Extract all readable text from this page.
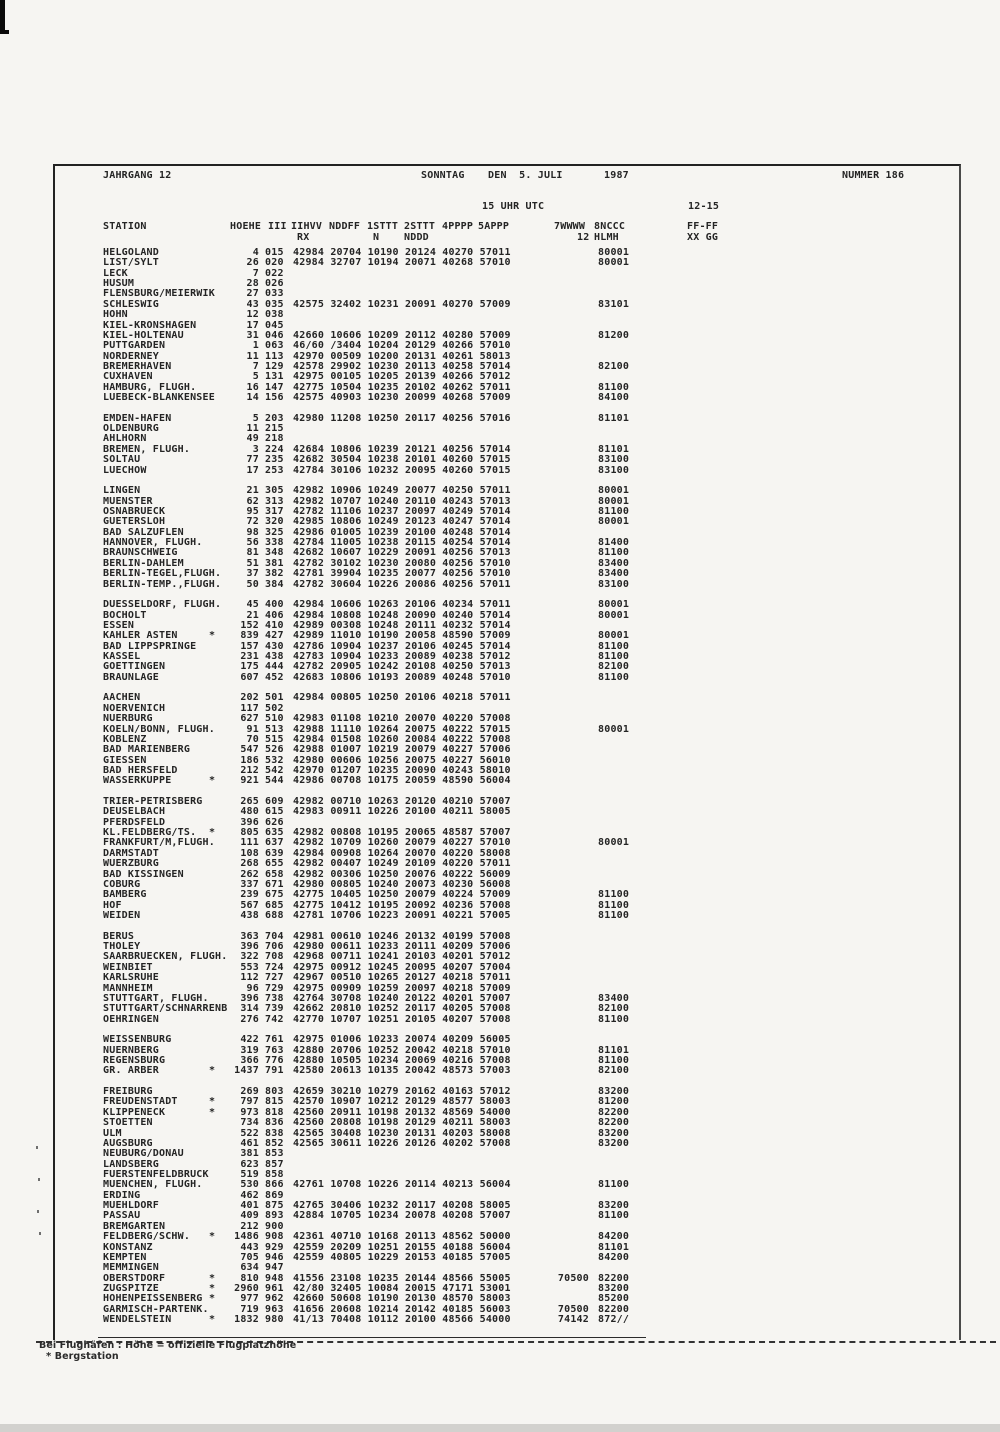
JAHRGANG 12	SONNTAG DEN  5. JULI	1987	NUMMER 186
15 UHR UTC	12-15
STATION	HOEHE III IIHVV NDDFF 1STTT 2STTT 4PPPP 5APPP	7WWWW 8NCCC	FF-FF
RX	N NDDD	12 HLMH	XX GG
HELGOLAND	4 015 42984 20704 10190 20124 40270 57011	80001
LIST/SYLT	26 020 42984 32707 10194 20071 40268 57010	80001
LECK	7 022
HUSUM	28 026
FLENSBURG/MEIERWIK	27 033
SCHLESWIG	43 035 42575 32402 10231 20091 40270 57009	83101
HOHN	12 038
KIEL-KRONSHAGEN	17 045
KIEL-HOLTENAU	31 046 42660 10606 10209 20112 40280 57009	81200
PUTTGARDEN	1 063 46/60 /3404 10204 20129 40266 57010
NORDERNEY	11 113 42970 00509 10200 20131 40261 58013
BREMERHAVEN	7 129 42578 29902 10230 20113 40258 57014	82100
CUXHAVEN	5 131 42975 00105 10205 20139 40266 57012
HAMBURG, FLUGH.	16 147 42775 10504 10235 20102 40262 57011	81100
LUEBECK-BLANKENSEE	14 156 42575 40903 10230 20099 40268 57009	84100
EMDEN-HAFEN	5 203 42980 11208 10250 20117 40256 57016	81101
OLDENBURG	11 215
AHLHORN	49 218
BREMEN, FLUGH.	3 224 42684 10806 10239 20121 40256 57014	81101
SOLTAU	77 235 42682 30504 10238 20101 40260 57015	83100
LUECHOW	17 253 42784 30106 10232 20095 40260 57015	83100
LINGEN	21 305 42982 10906 10249 20077 40250 57011	80001
MUENSTER	62 313 42982 10707 10240 20110 40243 57013	80001
OSNABRUECK	95 317 42782 11106 10237 20097 40249 57014	81100
GUETERSLOH	72 320 42985 10806 10249 20123 40247 57014	80001
BAD SALZUFLEN	98 325 42986 01005 10239 20100 40248 57014
HANNOVER, FLUGH.	56 338 42784 11005 10238 20115 40254 57014	81400
BRAUNSCHWEIG	81 348 42682 10607 10229 20091 40256 57013	81100
BERLIN-DAHLEM	51 381 42782 30102 10230 20080 40256 57010	83400
BERLIN-TEGEL,FLUGH.	37 382 42781 39904 10235 20077 40256 57010	83400
BERLIN-TEMP.,FLUGH.	50 384 42782 30604 10226 20086 40256 57011	83100
DUESSELDORF, FLUGH.	45 400 42984 10606 10263 20106 40234 57011	80001
BOCHOLT	21 406 42984 10808 10248 20090 40240 57014	80001
ESSEN	152 410 42989 00308 10248 20111 40232 57014
KAHLER ASTEN	*	839 427 42989 11010 10190 20058 48590 57009	80001
BAD LIPPSPRINGE	157 430 42786 10904 10237 20106 40245 57014	81100
KASSEL	231 438 42783 10904 10233 20089 40238 57012	81100
GOETTINGEN	175 444 42782 20905 10242 20108 40250 57013	82100
BRAUNLAGE	607 452 42683 10806 10193 20089 40248 57010	81100
AACHEN	202 501 42984 00805 10250 20106 40218 57011
NOERVENICH	117 502
NUERBURG	627 510 42983 01108 10210 20070 40220 57008
KOELN/BONN, FLUGH.	91 513 42988 11110 10264 20075 40222 57015	80001
KOBLENZ	70 515 42984 01508 10260 20084 40222 57008
BAD MARIENBERG	547 526 42988 01007 10219 20079 40227 57006
GIESSEN	186 532 42980 00606 10256 20075 40227 56010
BAD HERSFELD	212 542 42970 01207 10235 20090 40243 58010
WASSERKUPPE	*	921 544 42986 00708 10175 20059 48590 56004
TRIER-PETRISBERG	265 609 42982 00710 10263 20120 40210 57007
DEUSELBACH	480 615 42983 00911 10226 20100 40211 58005
PFERDSFELD	396 626
KL.FELDBERG/TS. *	805 635 42982 00808 10195 20065 48587 57007
FRANKFURT/M,FLUGH.	111 637 42982 10709 10260 20079 40227 57010	80001
DARMSTADT	108 639 42984 00908 10264 20070 40220 58008
WUERZBURG	268 655 42982 00407 10249 20109 40220 57011
BAD KISSINGEN	262 658 42982 00306 10250 20076 40222 56009
COBURG	337 671 42980 00805 10240 20073 40230 56008
BAMBERG	239 675 42775 10405 10250 20079 40224 57009	81100
HOF	567 685 42775 10412 10195 20092 40236 57008	81100
WEIDEN	438 688 42781 10706 10223 20091 40221 57005	81100
BERUS	363 704 42981 00610 10246 20132 40199 57008
THOLEY	396 706 42980 00611 10233 20111 40209 57006
SAARBRUECKEN, FLUGH.	322 708 42968 00711 10241 20103 40201 57012
WEINBIET	553 724 42975 00912 10245 20095 40207 57004
KARLSRUHE	112 727 42967 00510 10265 20127 40218 57011
MANNHEIM	96 729 42975 00909 10259 20097 40218 57009
STUTTGART, FLUGH.	396 738 42764 30708 10240 20122 40201 57007	83400
STUTTGART/SCHNARRENB	314 739 42662 20810 10252 20117 40205 57008	82100
OEHRINGEN	276 742 42770 10707 10251 20105 40207 57008	81100
WEISSENBURG	422 761 42975 01006 10233 20074 40209 56005
NUERNBERG	319 763 42880 20706 10252 20042 40218 57010	81101
REGENSBURG	366 776 42880 10505 10234 20069 40216 57008	81100
GR. ARBER	*	1437 791 42580 20613 10135 20042 48573 57003	82100
FREIBURG	269 803 42659 30210 10279 20162 40163 57012	83200
FREUDENSTADT	*	797 815 42570 10907 10212 20129 48577 58003	81200
KLIPPENECK	*	973 818 42560 20911 10198 20132 48569 54000	82200
STOETTEN	734 836 42560 20808 10198 20129 40211 58003	82200
ULM	522 838 42565 30408 10230 20131 40203 58008	83200
AUGSBURG	461 852 42565 30611 10226 20126 40202 57008	83200
NEUBURG/DONAU	381 853
LANDSBERG	623 857
FUERSTENFELDBRUCK	519 858
MUENCHEN, FLUGH.	530 866 42761 10708 10226 20114 40213 56004	81100
ERDING	462 869
MUEHLDORF	401 875 42765 30406 10232 20117 40208 58005	83200
PASSAU	409 893 42884 10705 10234 20078 40208 57007	81100
BREMGARTEN	212 900
FELDBERG/SCHW. *	1486 908 42361 40710 10168 20113 48562 50000	84200
KONSTANZ	443 929 42559 20209 10251 20155 40188 56004	81101
KEMPTEN	705 946 42559 40805 10229 20153 40185 57005	84200
MEMMINGEN	634 947
OBERSTDORF	*	810 948 41556 23108 10235 20144 48566 55005	70500 82200
ZUGSPITZE	*	2960 961 42/80 32405 10084 20015 47171 53001	83200
HOHENPEISSENBERG *	977 962 42660 50608 10190 20130 48570 58003	85200
GARMISCH-PARTENK.	719 963 41656 20608 10214 20142 40185 56003	70500 82200
WENDELSTEIN	*	1832 980 41/13 70408 10112 20100 48566 54000	74142 872//
Bei Flughäfen : Höhe = offizielle Flugplatzhöhe
* Bergstation
